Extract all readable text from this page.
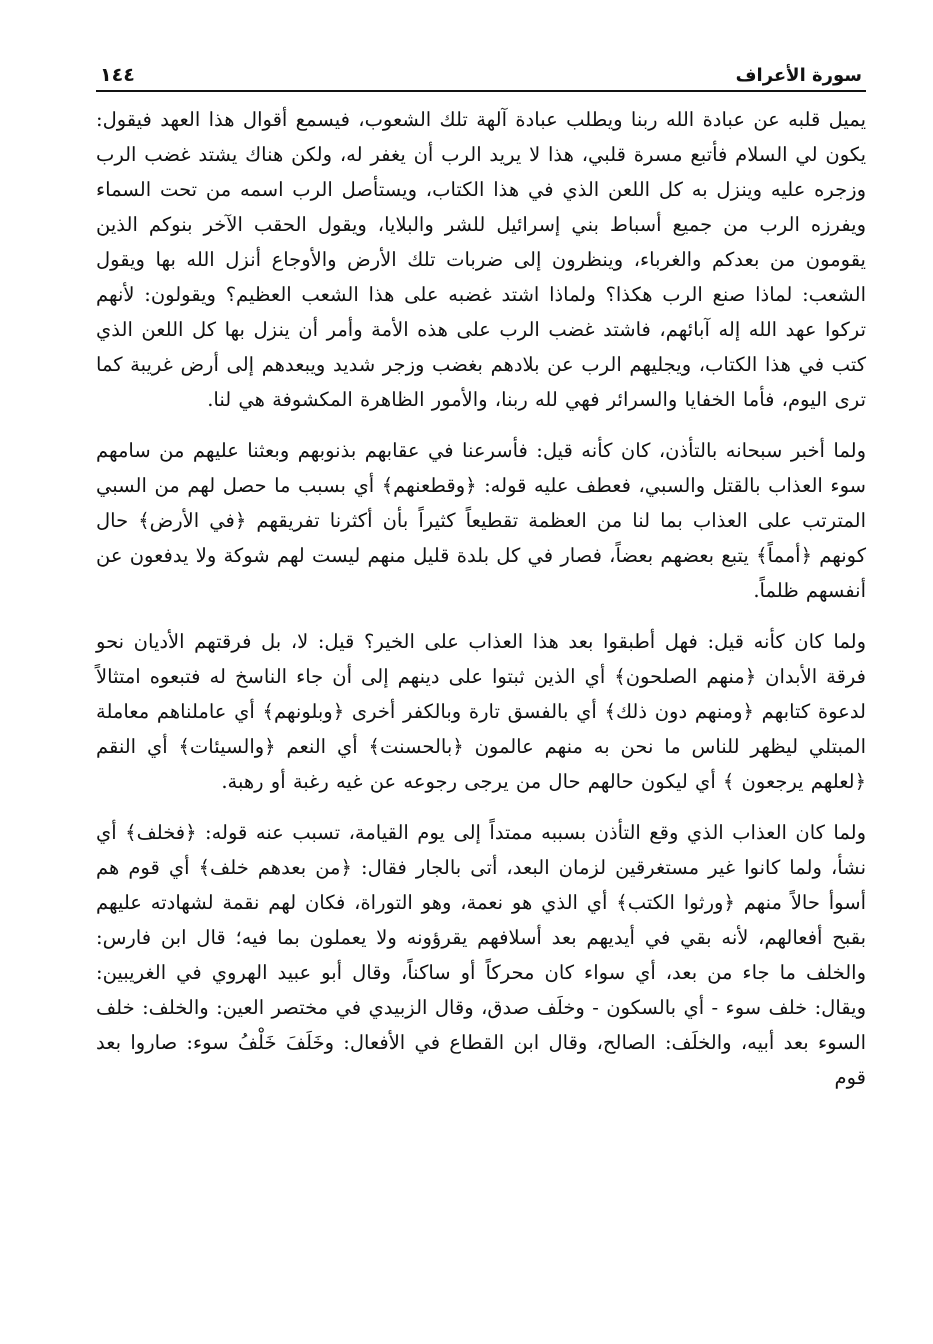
سورة الأعراف
١٤٤

يميل قلبه عن عبادة الله ربنا ويطلب عبادة آلهة تلك الشعوب، فيسمع أقوال هذا العهد فيقول: يكون لي السلام فأتبع مسرة قلبي، هذا لا يريد الرب أن يغفر له، ولكن هناك يشتد غضب الرب وزجره عليه وينزل به كل اللعن الذي في هذا الكتاب، ويستأصل الرب اسمه من تحت السماء ويفرزه الرب من جميع أسباط بني إسرائيل للشر والبلايا، ويقول الحقب الآخر بنوكم الذين يقومون من بعدكم والغرباء، وينظرون إلى ضربات تلك الأرض والأوجاع أنزل الله بها ويقول الشعب: لماذا صنع الرب هكذا؟ ولماذا اشتد غضبه على هذا الشعب العظيم؟ ويقولون: لأنهم تركوا عهد الله إله آبائهم، فاشتد غضب الرب على هذه الأمة وأمر أن ينزل بها كل اللعن الذي كتب في هذا الكتاب، ويجليهم الرب عن بلادهم بغضب وزجر شديد ويبعدهم إلى أرض غريبة كما ترى اليوم، فأما الخفايا والسرائر فهي لله ربنا، والأمور الظاهرة المكشوفة هي لنا.

ولما أخبر سبحانه بالتأذن، كان كأنه قيل: فأسرعنا في عقابهم بذنوبهم وبعثنا عليهم من سامهم سوء العذاب بالقتل والسبي، فعطف عليه قوله: ﴿وقطعنهم﴾ أي بسبب ما حصل لهم من السبي المترتب على العذاب بما لنا من العظمة تقطيعاً كثيراً بأن أكثرنا تفريقهم ﴿في الأرض﴾ حال كونهم ﴿أمماً﴾ يتبع بعضهم بعضاً، فصار في كل بلدة قليل منهم ليست لهم شوكة ولا يدفعون عن أنفسهم ظلماً.

ولما كان كأنه قيل: فهل أطبقوا بعد هذا العذاب على الخير؟ قيل: لا، بل فرقتهم الأديان نحو فرقة الأبدان ﴿منهم الصلحون﴾ أي الذين ثبتوا على دينهم إلى أن جاء الناسخ له فتبعوه امتثالاً لدعوة كتابهم ﴿ومنهم دون ذلك﴾ أي بالفسق تارة وبالكفر أخرى ﴿وبلونهم﴾ أي عاملناهم معاملة المبتلي ليظهر للناس ما نحن به منهم عالمون ﴿بالحسنت﴾ أي النعم ﴿والسيئات﴾ أي النقم ﴿لعلهم يرجعون ﴾ أي ليكون حالهم حال من يرجى رجوعه عن غيه رغبة أو رهبة.

ولما كان العذاب الذي وقع التأذن بسببه ممتداً إلى يوم القيامة، تسبب عنه قوله: ﴿فخلف﴾ أي نشأ، ولما كانوا غير مستغرقين لزمان البعد، أتى بالجار فقال: ﴿من بعدهم خلف﴾ أي قوم هم أسوأ حالاً منهم ﴿ورثوا الكتب﴾ أي الذي هو نعمة، وهو التوراة، فكان لهم نقمة لشهادته عليهم بقبح أفعالهم، لأنه بقي في أيديهم بعد أسلافهم يقرؤونه ولا يعملون بما فيه؛ قال ابن فارس: والخلف ما جاء من بعد، أي سواء كان محركاً أو ساكناً، وقال أبو عبيد الهروي في الغريبين: ويقال: خلف سوء - أي بالسكون - وخلَف صدق، وقال الزبيدي في مختصر العين: والخلف: خلف السوء بعد أبيه، والخلَف: الصالح، وقال ابن القطاع في الأفعال: وخَلَفَ خَلْفُ سوء: صاروا بعد قوم
